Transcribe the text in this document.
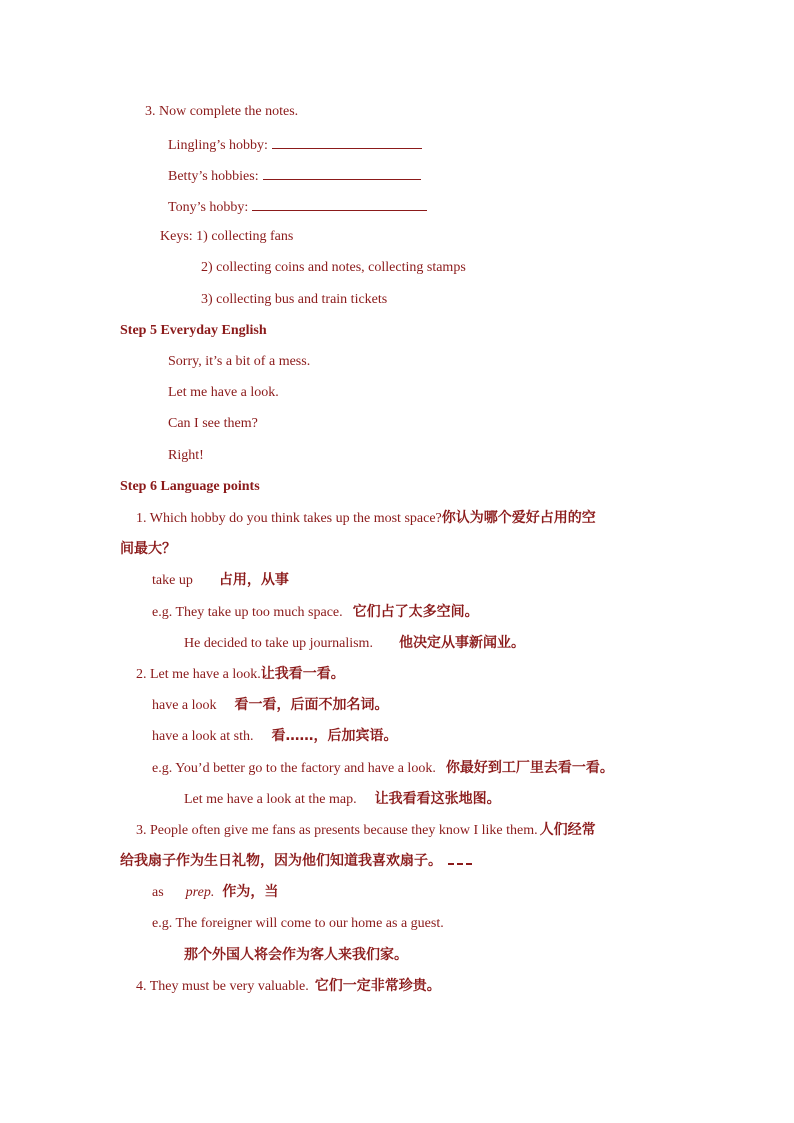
3. Now complete the notes.
Lingling’s hobby:
Betty’s hobbies:
Tony’s hobby:
Keys: 1) collecting fans
2) collecting coins and notes, collecting stamps
3) collecting bus and train tickets
Step 5 Everyday English
Sorry, it’s a bit of a mess.
Let me have a look.
Can I see them?
Right!
Step 6 Language points
1. Which hobby do you think takes up the most space?你认为哪个爱好占用的空
间最大？
take up 占用，从事
e.g. They take up too much space. 它们占了太多空间。
He decided to take up journalism. 他决定从事新闻业。
2. Let me have a look.让我看一看。
have a look 看一看，后面不加名词。
have a look at sth. 看……，后加宾语。
e.g. You’d better go to the factory and have a look. 你最好到工厂里去看一看。
Let me have a look at the map. 让我看看这张地图。
3. People often give me fans as presents because they know I like them. 人们经常
给我扇子作为生日礼物，因为他们知道我喜欢扇子。
as prep. 作为，当
e.g. The foreigner will come to our home as a guest.
那个外国人将会作为客人来我们家。
4. They must be very valuable. 它们一定非常珍贵。
